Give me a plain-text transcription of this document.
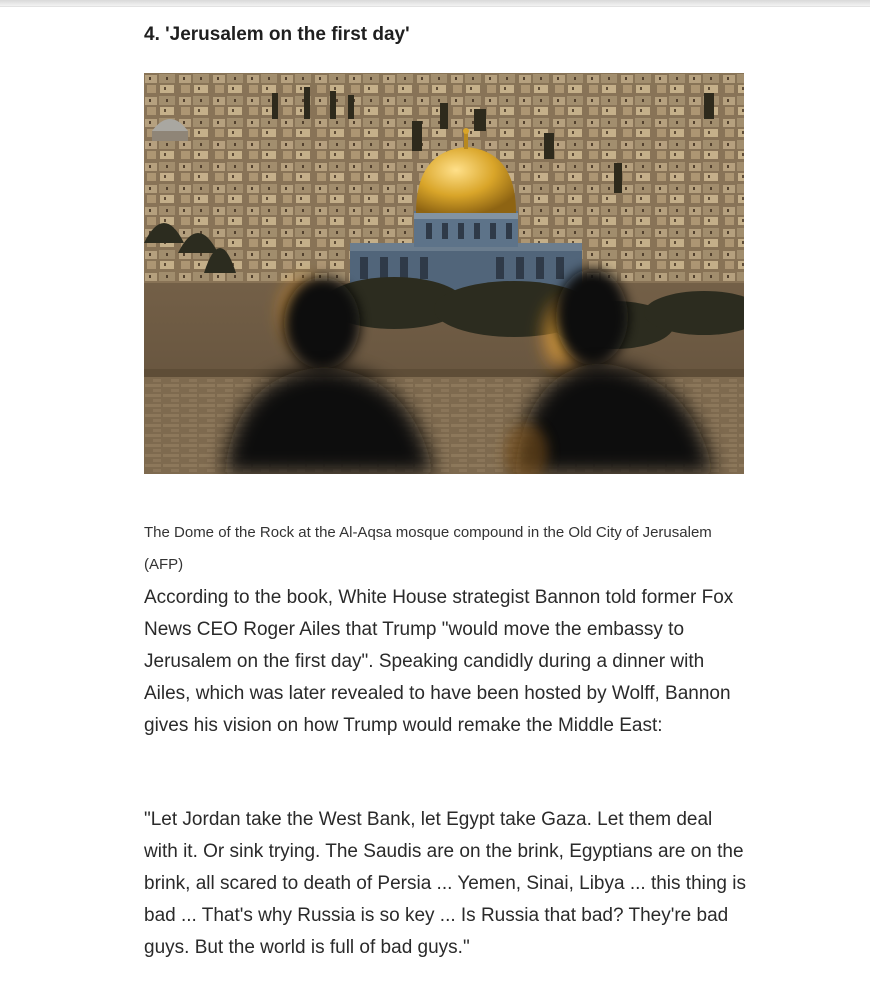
4. 'Jerusalem on the first day'

The Dome of the Rock at the Al-Aqsa mosque compound in the Old City of Jerusalem (AFP)

According to the book, White House strategist Bannon told former Fox News CEO Roger Ailes that Trump "would move the embassy to Jerusalem on the first day". Speaking candidly during a dinner with Ailes, which was later revealed to have been hosted by Wolff, Bannon gives his vision on how Trump would remake the Middle East:

"Let Jordan take the West Bank, let Egypt take Gaza. Let them deal with it. Or sink trying. The Saudis are on the brink, Egyptians are on the brink, all scared to death of Persia ... Yemen, Sinai, Libya ... this thing is bad ... That's why Russia is so key ... Is Russia that bad? They're bad guys. But the world is full of bad guys."
